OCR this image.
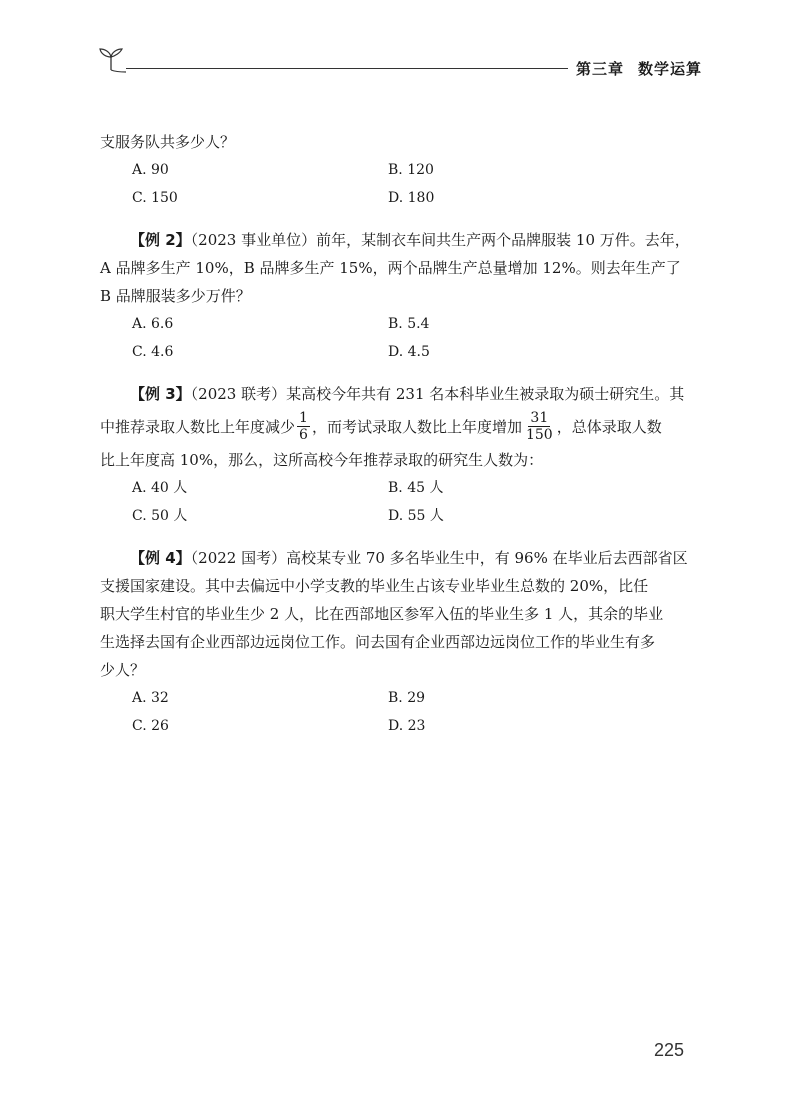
第三章 数学运算

支服务队共多少人？

A. 90	B. 120
C. 150	D. 180

【例 2】（2023 事业单位）前年，某制衣车间共生产两个品牌服装 10 万件。去年，

A 品牌多生产 10%，B 品牌多生产 15%，两个品牌生产总量增加 12%。则去年生产了

B 品牌服装多少万件？

A. 6.6	B. 5.4
C. 4.6	D. 4.5

【例 3】（2023 联考）某高校今年共有 231 名本科毕业生被录取为硕士研究生。其

中推荐录取人数比上年度减少 $\frac{1}{6}$ ，而考试录取人数比上年度增加 $\frac{31}{150}$ ，总体录取人数

比上年度高 10%，那么，这所高校今年推荐录取的研究生人数为：

A. 40 人	B. 45 人
C. 50 人	D. 55 人

【例 4】（2022 国考）高校某专业 70 多名毕业生中，有 96% 在毕业后去西部省区

支援国家建设。其中去偏远中小学支教的毕业生占该专业毕业生总数的 20%，比任

职大学生村官的毕业生少 2 人，比在西部地区参军入伍的毕业生多 1 人，其余的毕业

生选择去国有企业西部边远岗位工作。问去国有企业西部边远岗位工作的毕业生有多

少人？

A. 32	B. 29
C. 26	D. 23
225
